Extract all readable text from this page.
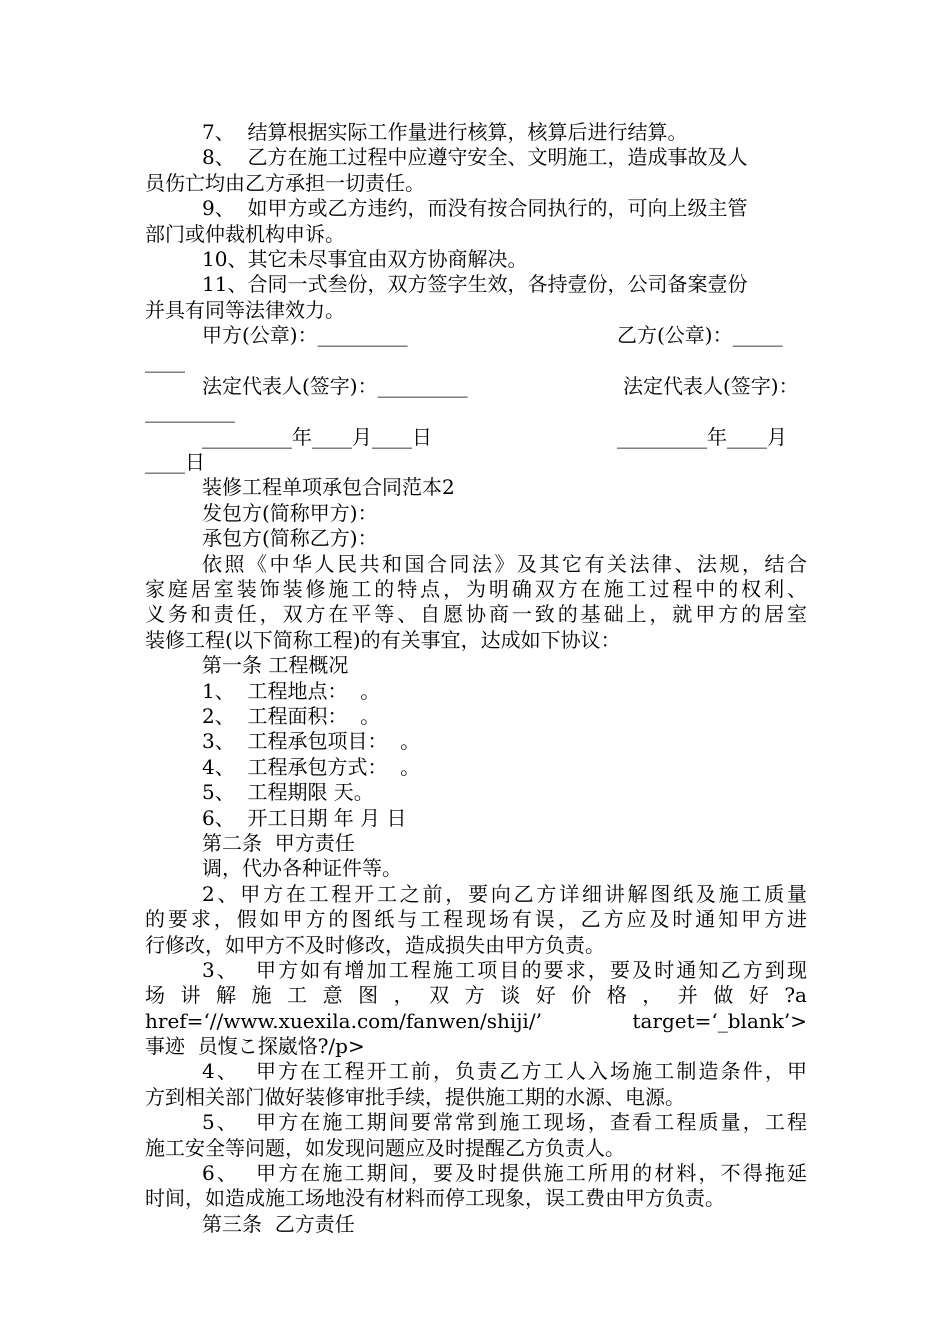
7、  结算根据实际工作量进行核算，核算后进行结算。
8、  乙方在施工过程中应遵守安全、文明施工，造成事故及人
员伤亡均由乙方承担一切责任。
9、  如甲方或乙方违约，而没有按合同执行的，可向上级主管
部门或仲裁机构申诉。
10、其它未尽事宜由双方协商解决。
11、合同一式叁份，双方签字生效，各持壹份，公司备案壹份
并具有同等法律效力。

甲方(公章)：_________

	乙方(公章)：_____

____

法定代表人(签字)：_________

	法定代表人(签字)：

_________

_________年____月____日

	_________年____月

____日
装修工程单项承包合同范本2
发包方(简称甲方)：
承包方(简称乙方)：
依照《中华人民共和国合同法》及其它有关法律、法规，结合
家庭居室装饰装修施工的特点，为明确双方在施工过程中的权利、
义务和责任，双方在平等、自愿协商一致的基础上，就甲方的居室
装修工程(以下简称工程)的有关事宜，达成如下协议：
第一条 工程概况
1、  工程地点：  。
2、  工程面积：  。
3、  工程承包项目：  。
4、  工程承包方式：  。
5、  工程期限 天。
6、  开工日期 年 月 日
第二条  甲方责任
调，代办各种证件等。
2、甲方在工程开工之前，要向乙方详细讲解图纸及施工质量
的要求，假如甲方的图纸与工程现场有误，乙方应及时通知甲方进
行修改，如甲方不及时修改，造成损失由甲方负责。
3、  甲方如有增加工程施工项目的要求，要及时通知乙方到现
场 讲 解 施 工 意 图 ， 双 方 谈 好 价 格 ， 并 做 好 ?a
href=‘//www.xuexila.com/fanwen/shiji/’  target=‘_blank’>
事迹  员愎こ探崴恪?/p>
4、  甲方在工程开工前，负责乙方工人入场施工制造条件，甲
方到相关部门做好装修审批手续，提供施工期的水源、电源。
5、  甲方在施工期间要常常到施工现场，查看工程质量，工程
施工安全等问题，如发现问题应及时提醒乙方负责人。
6、  甲方在施工期间，要及时提供施工所用的材料，不得拖延
时间，如造成施工场地没有材料而停工现象，误工费由甲方负责。
第三条  乙方责任
